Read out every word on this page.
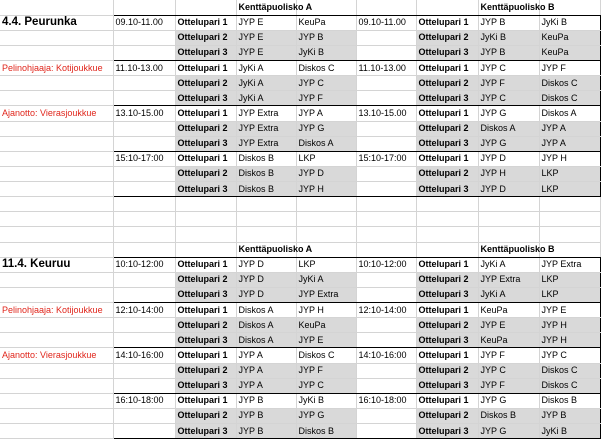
			Kenttäpuolisko A				Kenttäpuolisko B	
4.4. Peurunka	09.10-11.00	Ottelupari 1	JYP E	KeuPa	09.10-11.00	Ottelupari 1	JYP B	JyKi B
		Ottelupari 2	JYP E	JYP B		Ottelupari 2	JyKi B	KeuPa
		Ottelupari 3	JYP E	JyKi B		Ottelupari 3	JYP B	KeuPa
Pelinohjaaja: Kotijoukkue	11.10-13.00	Ottelupari 1	JyKi A	Diskos C	11.10-13.00	Ottelupari 1	JYP C	JYP F
		Ottelupari 2	JyKi A	JYP C		Ottelupari 2	JYP F	Diskos C
		Ottelupari 3	JyKi A	JYP F		Ottelupari 3	JYP C	Diskos C
Ajanotto: Vierasjoukkue	13.10-15.00	Ottelupari 1	JYP Extra	JYP A	13.10-15.00	Ottelupari 1	JYP G	Diskos A
		Ottelupari 2	JYP Extra	JYP G		Ottelupari 2	Diskos A	JYP A
		Ottelupari 3	JYP Extra	Diskos A		Ottelupari 3	JYP G	JYP A
	15:10-17:00	Ottelupari 1	Diskos B	LKP	15:10-17:00	Ottelupari 1	JYP D	JYP H
		Ottelupari 2	Diskos B	JYP D		Ottelupari 2	JYP H	LKP
		Ottelupari 3	Diskos B	JYP H		Ottelupari 3	JYP D	LKP

			Kenttäpuolisko A				Kenttäpuolisko B	
11.4. Keuruu	10:10-12:00	Ottelupari 1	JYP D	LKP	10:10-12:00	Ottelupari 1	JyKi A	JYP Extra
		Ottelupari 2	JYP D	JyKi A		Ottelupari 2	JYP Extra	LKP
		Ottelupari 3	JYP D	JYP Extra		Ottelupari 3	JyKi A	LKP
Pelinohjaaja: Kotijoukkue	12:10-14:00	Ottelupari 1	Diskos A	JYP H	12:10-14:00	Ottelupari 1	KeuPa	JYP E
		Ottelupari 2	Diskos A	KeuPa		Ottelupari 2	JYP E	JYP H
		Ottelupari 3	Diskos A	JYP E		Ottelupari 3	KeuPa	JYP H
Ajanotto: Vierasjoukkue	14:10-16:00	Ottelupari 1	JYP A	Diskos C	14:10-16:00	Ottelupari 1	JYP F	JYP C
		Ottelupari 2	JYP A	JYP F		Ottelupari 2	JYP C	Diskos C
		Ottelupari 3	JYP A	JYP C		Ottelupari 3	JYP F	Diskos C
	16:10-18:00	Ottelupari 1	JYP B	JyKi B	16:10-18:00	Ottelupari 1	JYP G	Diskos B
		Ottelupari 2	JYP B	JYP G		Ottelupari 2	Diskos B	JYP B
		Ottelupari 3	JYP B	Diskos B		Ottelupari 3	JYP G	JyKi B
